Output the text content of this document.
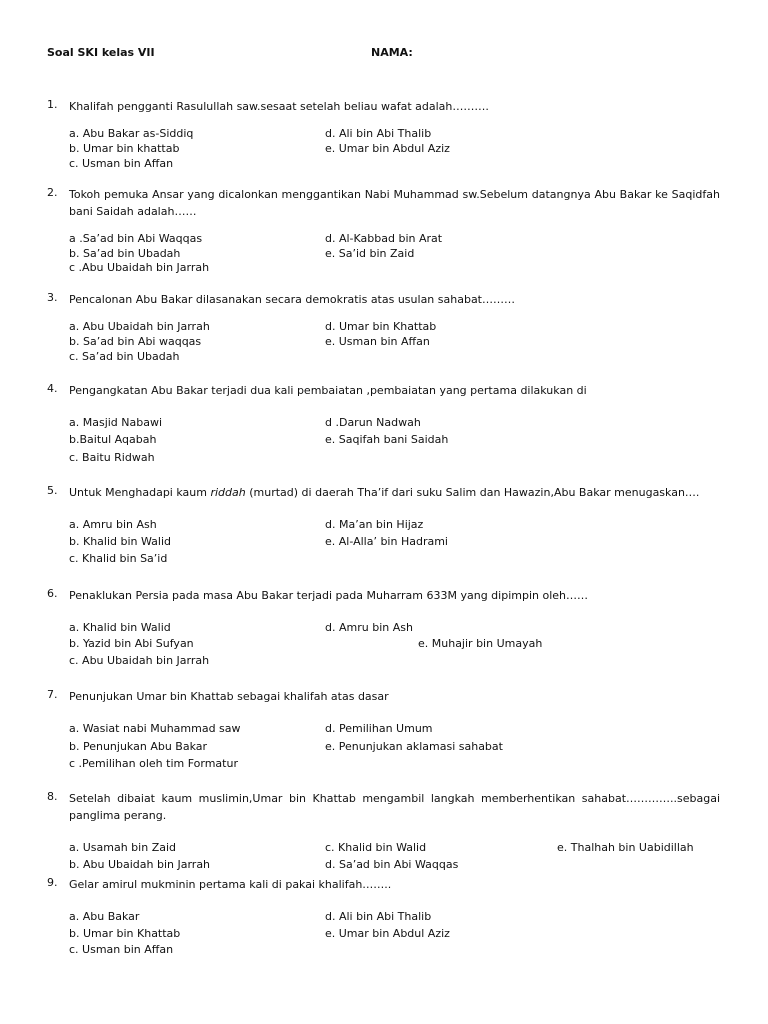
Soal SKI kelas VII	NAMA:
1. Khalifah pengganti Rasulullah saw.sesaat setelah beliau wafat adalah……….
a. Abu Bakar as-Siddiq
b. Umar bin khattab
c. Usman bin Affan
d. Ali bin Abi Thalib
e. Umar bin Abdul Aziz
2. Tokoh pemuka Ansar yang dicalonkan menggantikan Nabi Muhammad sw.Sebelum datangnya Abu Bakar ke Saqidfah bani Saidah adalah……
a .Sa’ad bin Abi Waqqas
b. Sa’ad bin Ubadah
c .Abu Ubaidah bin Jarrah
d. Al-Kabbad bin Arat
e. Sa’id bin Zaid
3. Pencalonan Abu Bakar dilasanakan secara demokratis atas usulan sahabat………
a. Abu Ubaidah bin Jarrah
b. Sa’ad bin Abi waqqas
c. Sa’ad bin Ubadah
d. Umar bin Khattab
e. Usman bin Affan
4. Pengangkatan Abu Bakar terjadi dua kali pembaiatan ,pembaiatan yang pertama dilakukan di
a. Masjid Nabawi
b.Baitul Aqabah
c. Baitu Ridwah
d .Darun Nadwah
e. Saqifah bani Saidah
5. Untuk Menghadapi kaum riddah (murtad) di daerah Tha’if dari suku Salim dan Hawazin,Abu Bakar menugaskan….
a. Amru bin Ash
b. Khalid bin Walid
c. Khalid bin Sa’id
d. Ma’an bin Hijaz
e. Al-Alla’ bin Hadrami
6. Penaklukan Persia pada masa Abu Bakar terjadi pada Muharram 633M yang dipimpin oleh……
a. Khalid bin Walid
b. Yazid bin Abi Sufyan
c. Abu Ubaidah bin Jarrah
d. Amru bin Ash
e. Muhajir bin Umayah
7. Penunjukan Umar bin Khattab sebagai khalifah atas dasar
a. Wasiat nabi Muhammad saw
b. Penunjukan Abu Bakar
c .Pemilihan oleh tim Formatur
d. Pemilihan Umum
e. Penunjukan aklamasi sahabat
8. Setelah dibaiat kaum muslimin,Umar bin Khattab mengambil langkah memberhentikan sahabat…………..sebagai panglima perang.
a. Usamah bin Zaid
b. Abu Ubaidah bin Jarrah
c. Khalid bin Walid
d. Sa’ad bin Abi Waqqas
e. Thalhah bin Uabidillah
9. Gelar amirul mukminin pertama kali di pakai khalifah……..
a. Abu Bakar
b. Umar bin Khattab
c. Usman bin Affan
d. Ali bin Abi Thalib
e. Umar bin Abdul Aziz
